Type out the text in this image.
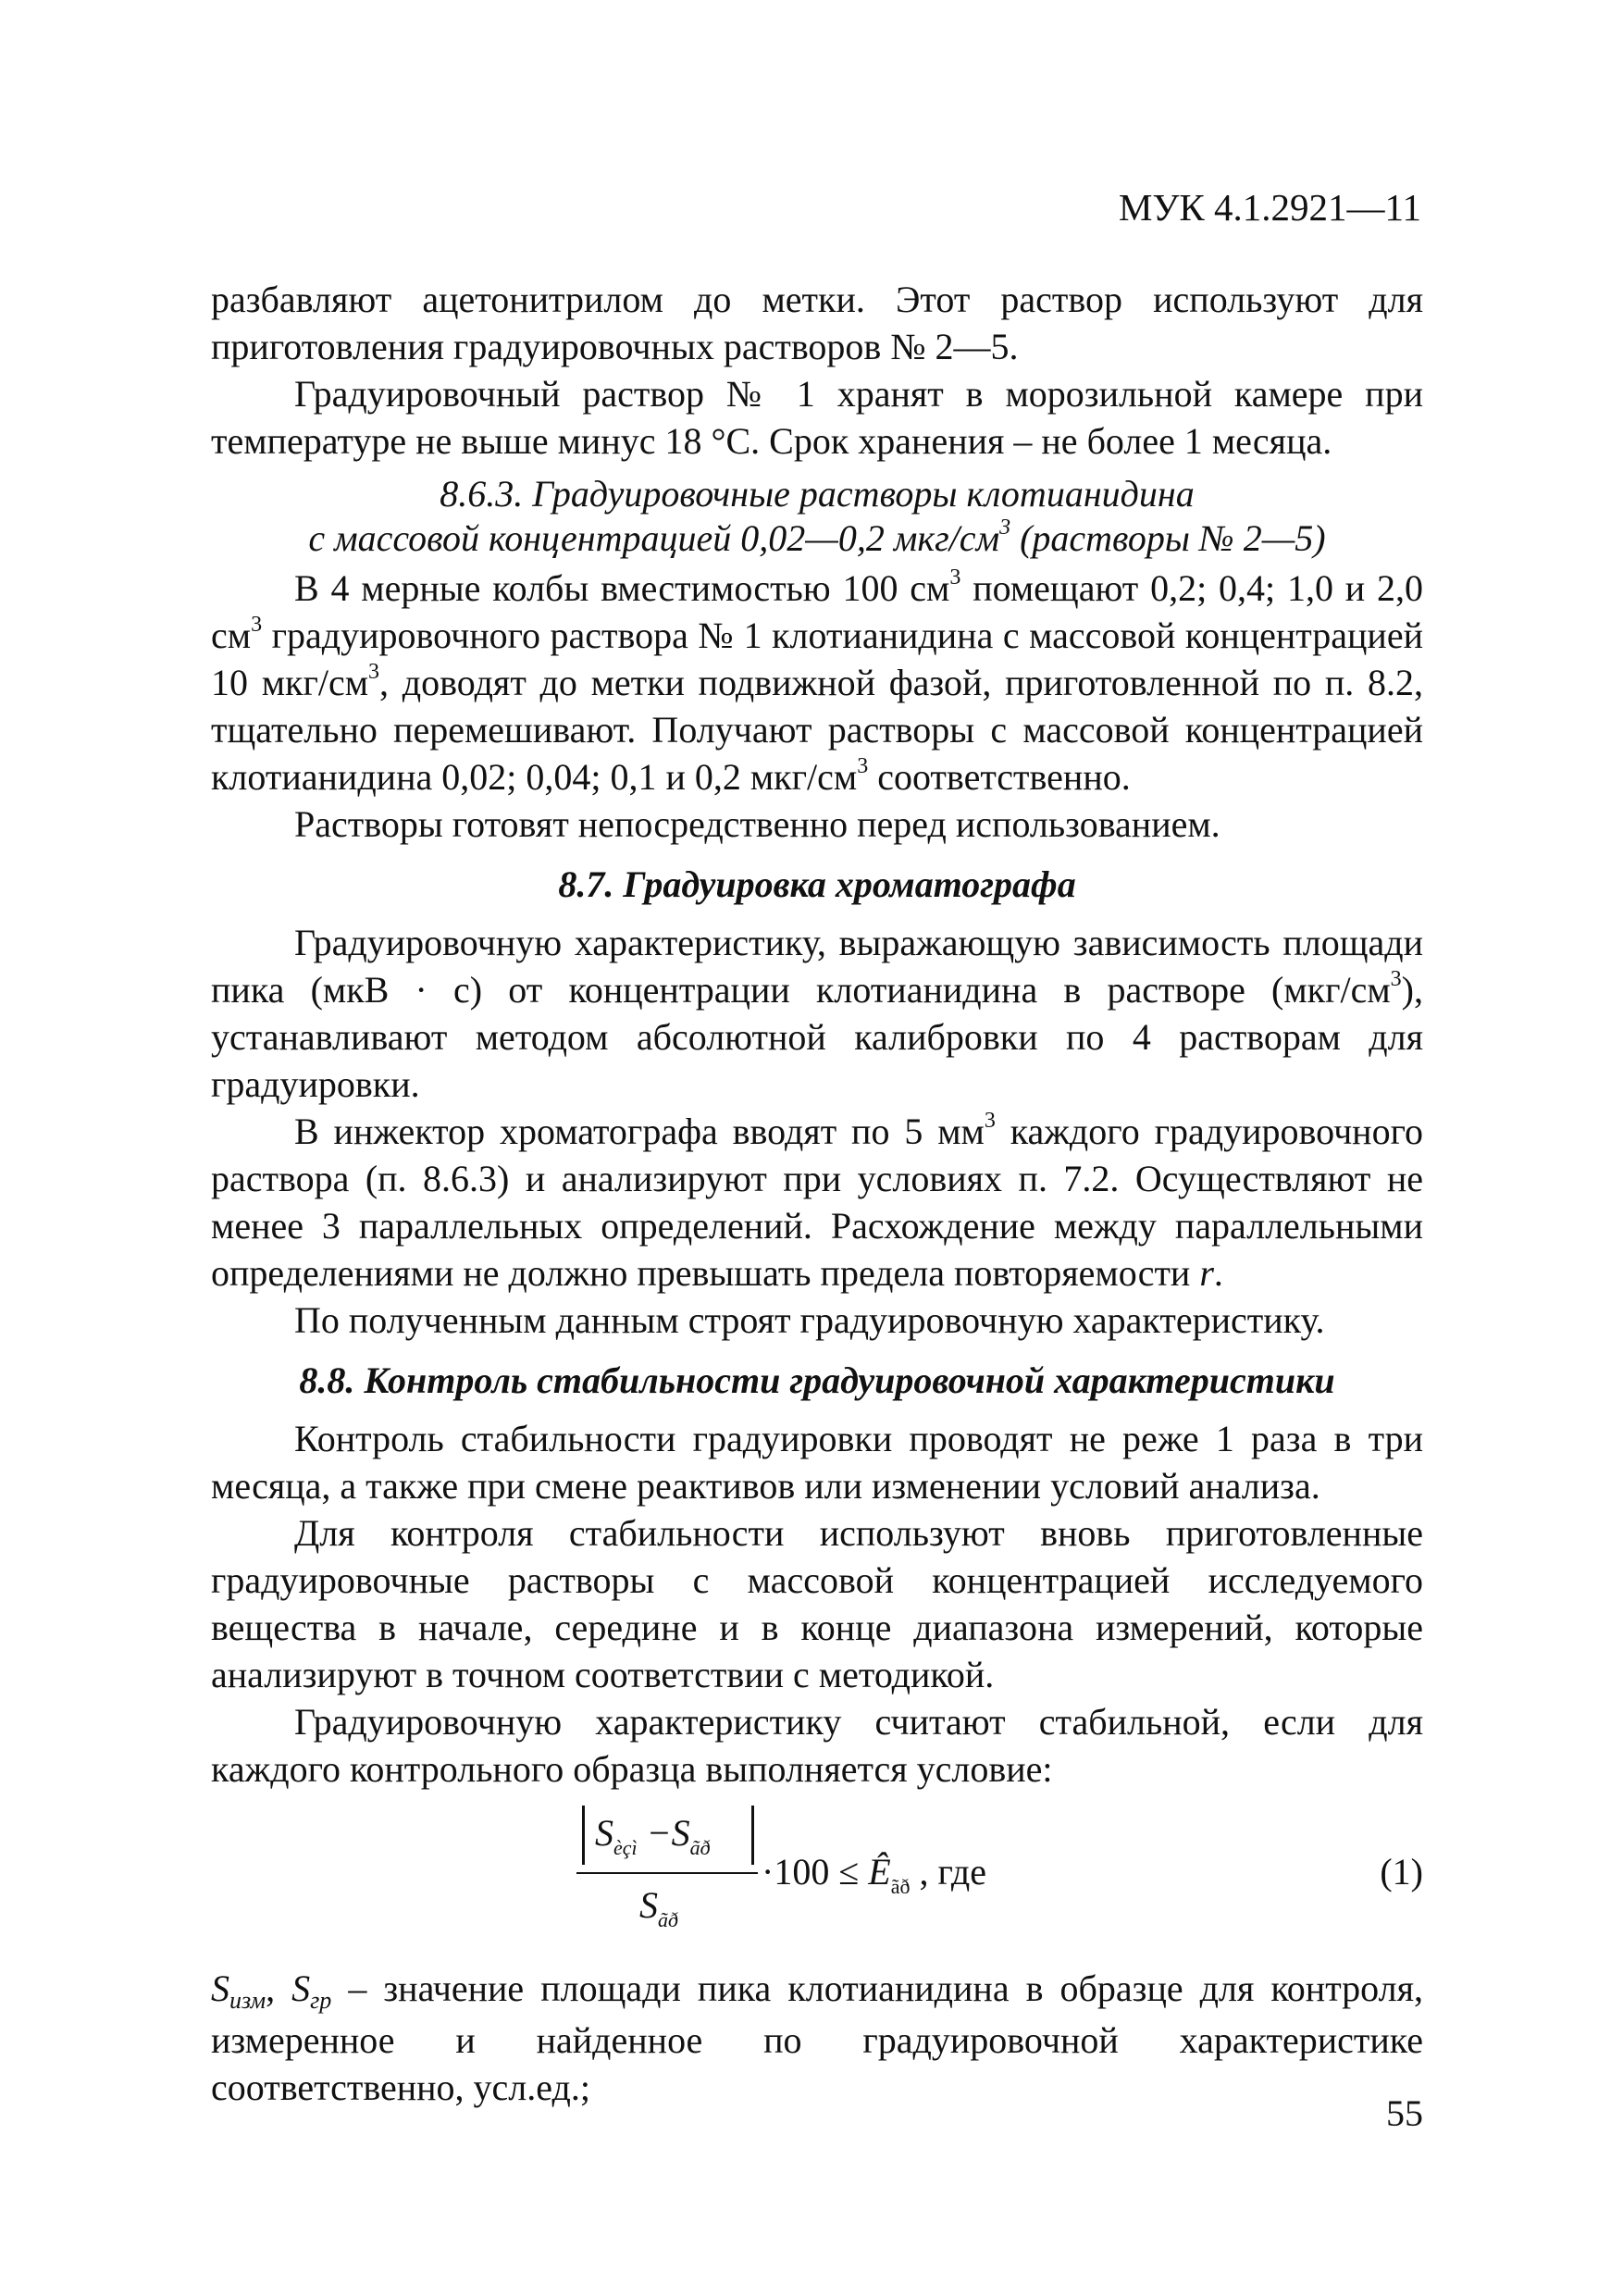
МУК 4.1.2921—11

разбавляют ацетонитрилом до метки. Этот раствор используют для приготовления градуировочных растворов № 2—5.

Градуировочный раствор № 1 хранят в морозильной камере при температуре не выше минус 18 °С. Срок хранения – не более 1 месяца.

8.6.3. Градуировочные растворы клотианидина
с массовой концентрацией 0,02—0,2 мкг/$см^3$ (растворы № 2—5)

В 4 мерные колбы вместимостью 100 $см^3$ помещают 0,2; 0,4; 1,0 и 2,0 $см^3$ градуировочного раствора № 1 клотианидина с массовой концентрацией 10 мкг/$см^3$, доводят до метки подвижной фазой, приготовленной по п. 8.2, тщательно перемешивают. Получают растворы с массовой концентрацией клотианидина 0,02; 0,04; 0,1 и 0,2 мкг/$см^3$ соответственно.

Растворы готовят непосредственно перед использованием.

8.7. Градуировка хроматографа

Градуировочную характеристику, выражающую зависимость площади пика (мкВ · с) от концентрации клотианидина в растворе $(мкг/см^3)$, устанавливают методом абсолютной калибровки по 4 растворам для градуировки.

В инжектор хроматографа вводят по 5 $мм^3$ каждого градуировочного раствора (п. 8.6.3) и анализируют при условиях п. 7.2. Осуществляют не менее 3 параллельных определений. Расхождение между параллельными определениями не должно превышать предела повторяемости r.

По полученным данным строят градуировочную характеристику.

8.8. Контроль стабильности градуировочной характеристики

Контроль стабильности градуировки проводят не реже 1 раза в три месяца, а также при смене реактивов или изменении условий анализа.

Для контроля стабильности используют вновь приготовленные градуировочные растворы с массовой концентрацией исследуемого вещества в начале, середине и в конце диапазона измерений, которые анализируют в точном соответствии с методикой.

Градуировочную характеристику считают стабильной, если для каждого контрольного образца выполняется условие:

$S_{èçì} -S_{ãð}$
$S_{ãð}$
$\cdot 100 \le Ê_{ãð}$ , где	(1)

$S_{изм}$, $S_{гр}$ – значение площади пика клотианидина в образце для контроля, измеренное и найденное по градуировочной характеристике соответственно, усл.ед.;

55
